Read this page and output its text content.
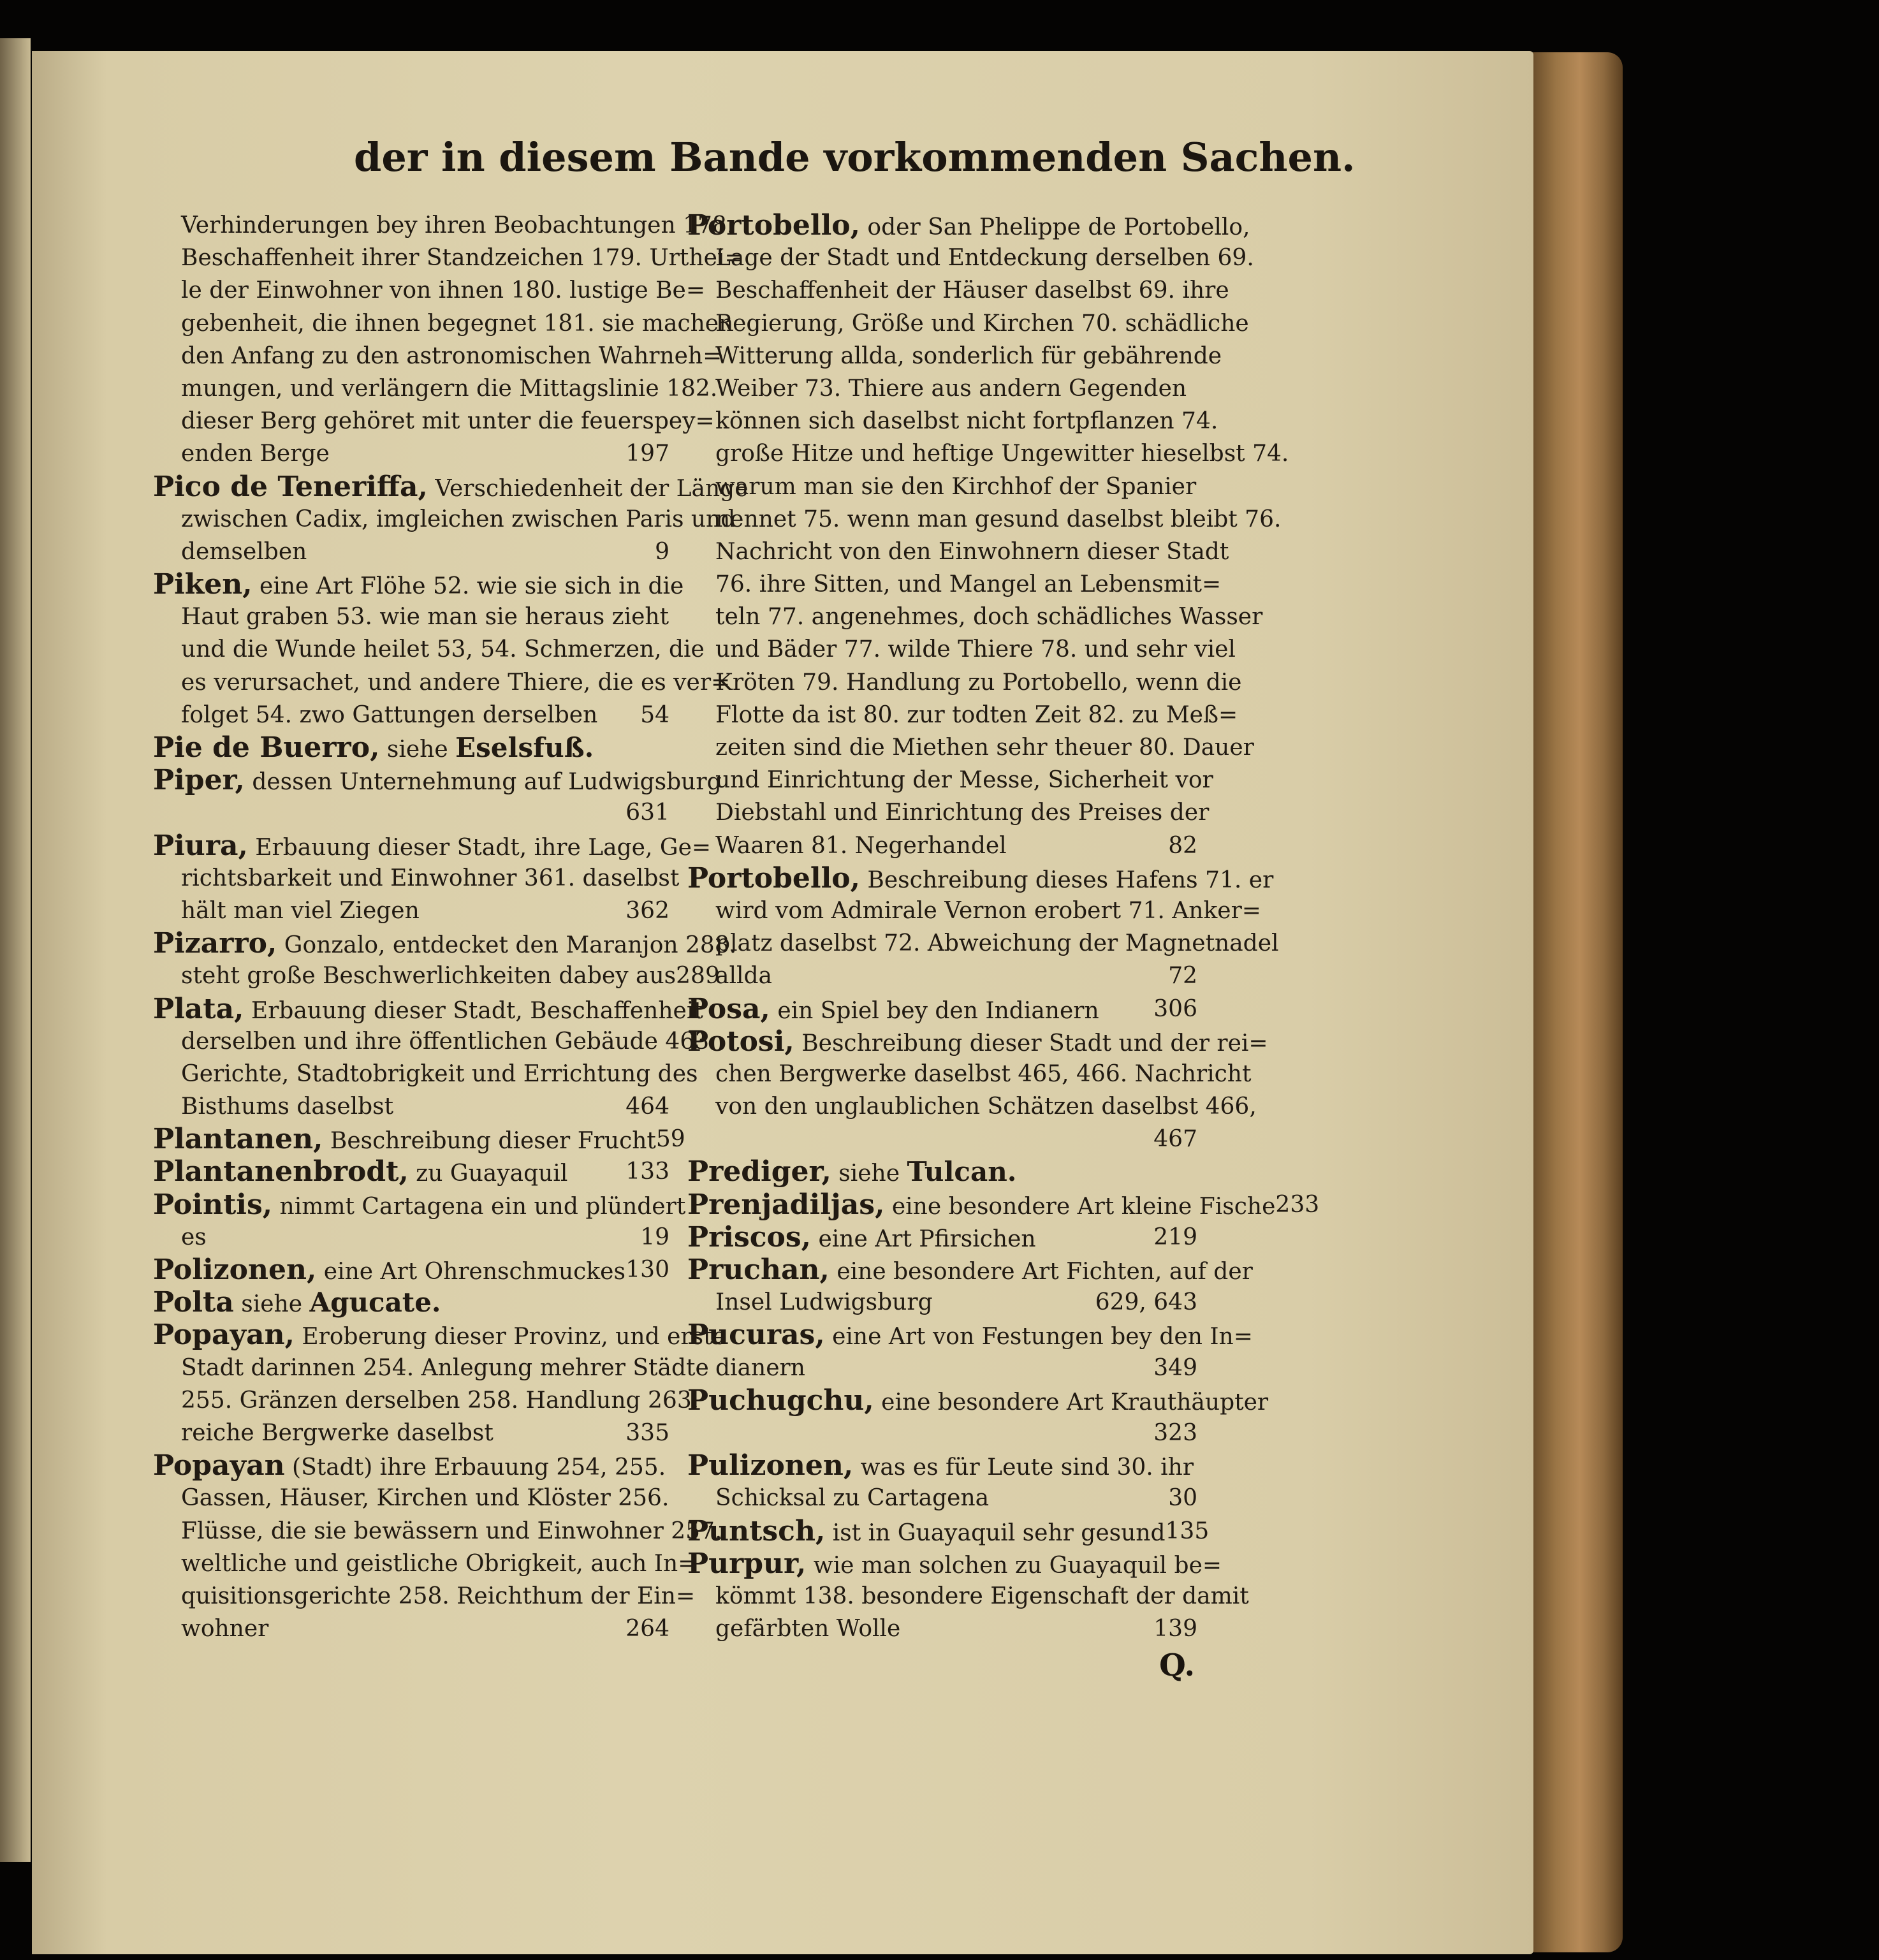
der in diesem Bande vorkommenden Sachen.
Verhinderungen bey ihren Beobachtungen 178.
Beschaffenheit ihrer Standzeichen 179. Urthei=
le der Einwohner von ihnen 180. lustige Be=
gebenheit, die ihnen begegnet 181. sie machen
den Anfang zu den astronomischen Wahrneh=
mungen, und verlängern die Mittagslinie 182.
dieser Berg gehöret mit unter die feuerspey=
enden Berge	197
Pico de Teneriffa, Verschiedenheit der Länge
zwischen Cadix, imgleichen zwischen Paris und
demselben	9
Piken, eine Art Flöhe 52. wie sie sich in die
Haut graben 53. wie man sie heraus zieht
und die Wunde heilet 53, 54. Schmerzen, die
es verursachet, und andere Thiere, die es ver=
folget 54. zwo Gattungen derselben 54
Pie de Buerro, siehe Eselsfuß.
Piper, dessen Unternehmung auf Ludwigsburg
631
Piura, Erbauung dieser Stadt, ihre Lage, Ge=
richtsbarkeit und Einwohner 361. daselbst
hält man viel Ziegen	362
Pizarro, Gonzalo, entdecket den Maranjon 288.
steht große Beschwerlichkeiten dabey aus 289
Plata, Erbauung dieser Stadt, Beschaffenheit
derselben und ihre öffentlichen Gebäude 463.
Gerichte, Stadtobrigkeit und Errichtung des
Bisthums daselbst	464
Plantanen, Beschreibung dieser Frucht 59
Plantanenbrodt, zu Guayaquil	133
Pointis, nimmt Cartagena ein und plündert
es	19
Polizonen, eine Art Ohrenschmuckes 130
Polta siehe Agucate.
Popayan, Eroberung dieser Provinz, und erste
Stadt darinnen 254. Anlegung mehrer Städte
255. Gränzen derselben 258. Handlung 263.
reiche Bergwerke daselbst	335
Popayan (Stadt) ihre Erbauung 254, 255.
Gassen, Häuser, Kirchen und Klöster 256.
Flüsse, die sie bewässern und Einwohner 257.
weltliche und geistliche Obrigkeit, auch In=
quisitionsgerichte 258. Reichthum der Ein=
wohner	264
Portobello, oder San Phelippe de Portobello,
Lage der Stadt und Entdeckung derselben 69.
Beschaffenheit der Häuser daselbst 69. ihre
Regierung, Größe und Kirchen 70. schädliche
Witterung allda, sonderlich für gebährende
Weiber 73. Thiere aus andern Gegenden
können sich daselbst nicht fortpflanzen 74.
große Hitze und heftige Ungewitter hieselbst 74.
warum man sie den Kirchhof der Spanier
nennet 75. wenn man gesund daselbst bleibt 76.
Nachricht von den Einwohnern dieser Stadt
76. ihre Sitten, und Mangel an Lebensmit=
teln 77. angenehmes, doch schädliches Wasser
und Bäder 77. wilde Thiere 78. und sehr viel
Kröten 79. Handlung zu Portobello, wenn die
Flotte da ist 80. zur todten Zeit 82. zu Meß=
zeiten sind die Miethen sehr theuer 80. Dauer
und Einrichtung der Messe, Sicherheit vor
Diebstahl und Einrichtung des Preises der
Waaren 81. Negerhandel	82
Portobello, Beschreibung dieses Hafens 71. er
wird vom Admirale Vernon erobert 71. Anker=
platz daselbst 72. Abweichung der Magnetnadel
allda	72
Posa, ein Spiel bey den Indianern 306
Potosi, Beschreibung dieser Stadt und der rei=
chen Bergwerke daselbst 465, 466. Nachricht
von den unglaublichen Schätzen daselbst 466,
467
Prediger, siehe Tulcan.
Prenjadiljas, eine besondere Art kleine Fische 233
Priscos, eine Art Pfirsichen	219
Pruchan, eine besondere Art Fichten, auf der
Insel Ludwigsburg	629, 643
Pucuras, eine Art von Festungen bey den In=
dianern	349
Puchugchu, eine besondere Art Krauthäupter
323
Pulizonen, was es für Leute sind 30. ihr
Schicksal zu Cartagena	30
Puntsch, ist in Guayaquil sehr gesund 135
Purpur, wie man solchen zu Guayaquil be=
kömmt 138. besondere Eigenschaft der damit
gefärbten Wolle	139
Q.
